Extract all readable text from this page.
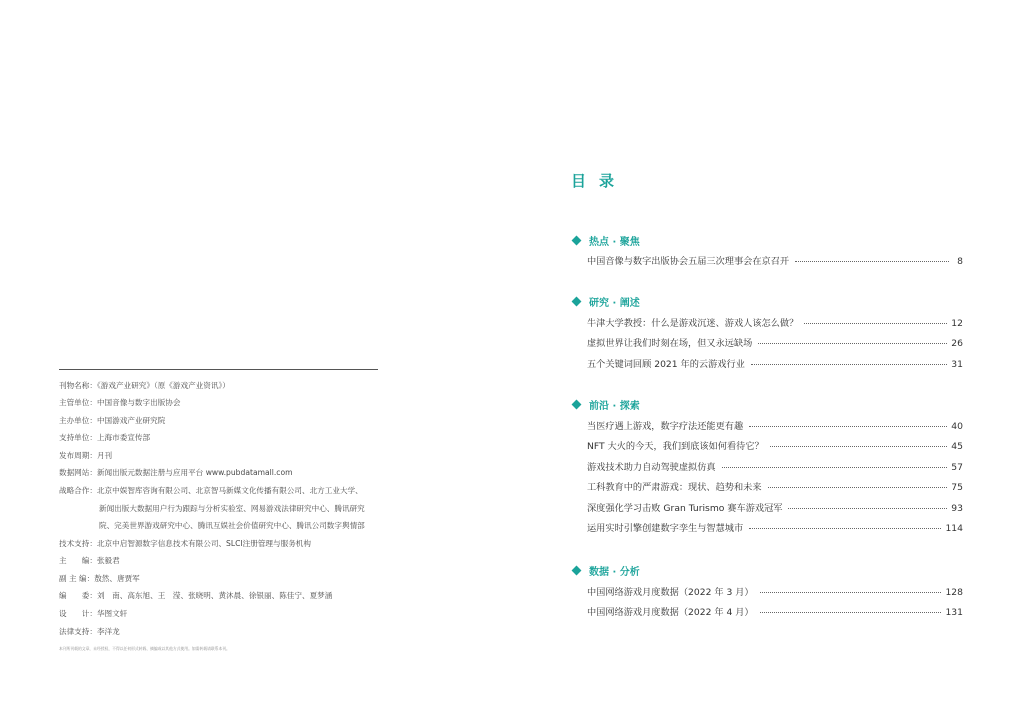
刊物名称：《游戏产业研究》（原《游戏产业资讯》）
主管单位：中国音像与数字出版协会
主办单位：中国游戏产业研究院
支持单位：上海市委宣传部
发布周期：月刊
数据网站：新闻出版元数据注册与应用平台 www.pubdatamall.com
战略合作：北京中娱智库咨询有限公司、北京智马新媒文化传播有限公司、北方工业大学、
新闻出版大数据用户行为跟踪与分析实验室、网易游戏法律研究中心、腾讯研究
院、完美世界游戏研究中心、腾讯互娱社会价值研究中心、腾讯公司数字舆情部
技术支持：北京中启智源数字信息技术有限公司、SLCI注册管理与服务机构
主　　编：张毅君
副 主 编：敖然、唐贾军
编　　委：刘　南、高东旭、王　滢、张晓明、黄沐晨、徐银丽、陈佳宁、夏梦涵
设　　计：华图文轩
法律支持：李洋龙
本刊所刊载的文章，未经授权，不得以任何形式转载、摘编或以其他方式使用。如需转载请联系本刊。
目录
热点 · 聚焦
中国音像与数字出版协会五届三次理事会在京召开	8
研究 · 阐述
牛津大学教授：什么是游戏沉迷、游戏人该怎么做？	12
虚拟世界让我们时刻在场，但又永远缺场	26
五个关键词回顾 2021 年的云游戏行业	31
前沿 · 探索
当医疗遇上游戏，数字疗法还能更有趣	40
NFT 大火的今天，我们到底该如何看待它？	45
游戏技术助力自动驾驶虚拟仿真	57
工科教育中的严肃游戏：现状、趋势和未来	75
深度强化学习击败 Gran Turismo 赛车游戏冠军	93
运用实时引擎创建数字孪生与智慧城市	114
数据 · 分析
中国网络游戏月度数据（2022 年 3 月）	128
中国网络游戏月度数据（2022 年 4 月）	131
